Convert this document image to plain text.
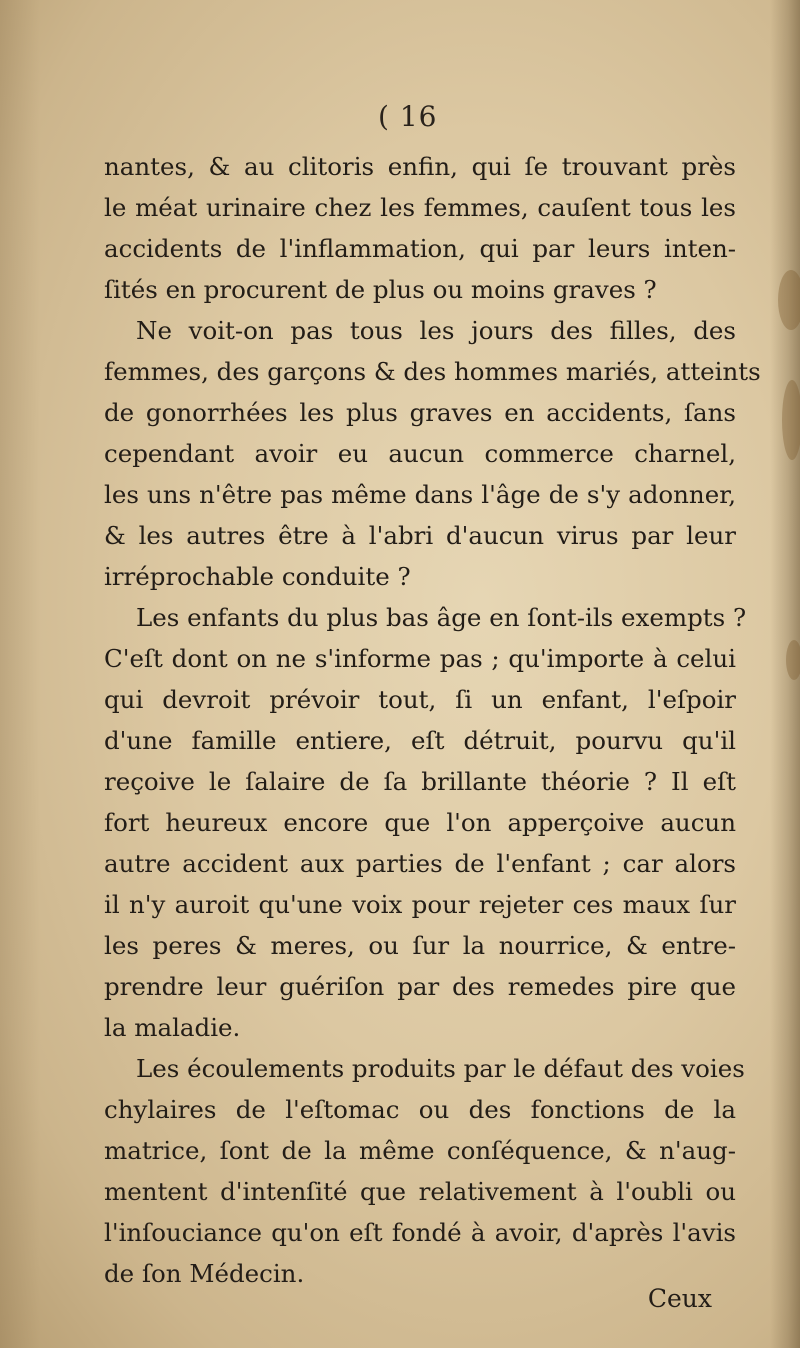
( 16
nantes, & au clitoris enfin, qui ſe trouvant près
le méat urinaire chez les femmes, cauſent tous les
accidents de l'inflammation, qui par leurs inten-
ſités en procurent de plus ou moins graves ?
Ne voit-on pas tous les jours des filles, des
femmes, des garçons & des hommes mariés, atteints
de gonorrhées les plus graves en accidents, ſans
cependant avoir eu aucun commerce charnel,
les uns n'être pas même dans l'âge de s'y adonner,
& les autres être à l'abri d'aucun virus par leur
irréprochable conduite ?
Les enfants du plus bas âge en ſont-ils exempts ?
C'eſt dont on ne s'informe pas ; qu'importe à celui
qui devroit prévoir tout, ſi un enfant, l'eſpoir
d'une famille entiere, eſt détruit, pourvu qu'il
reçoive le ſalaire de ſa brillante théorie ? Il eſt
fort heureux encore que l'on apperçoive aucun
autre accident aux parties de l'enfant ; car alors
il n'y auroit qu'une voix pour rejeter ces maux ſur
les peres & meres, ou ſur la nourrice, & entre-
prendre leur guériſon par des remedes pire que
la maladie.
Les écoulements produits par le défaut des voies
chylaires de l'eſtomac ou des fonctions de la
matrice, ſont de la même conſéquence, & n'aug-
mentent d'intenſité que relativement à l'oubli ou
l'inſouciance qu'on eſt fondé à avoir, d'après l'avis
de ſon Médecin.
Ceux
